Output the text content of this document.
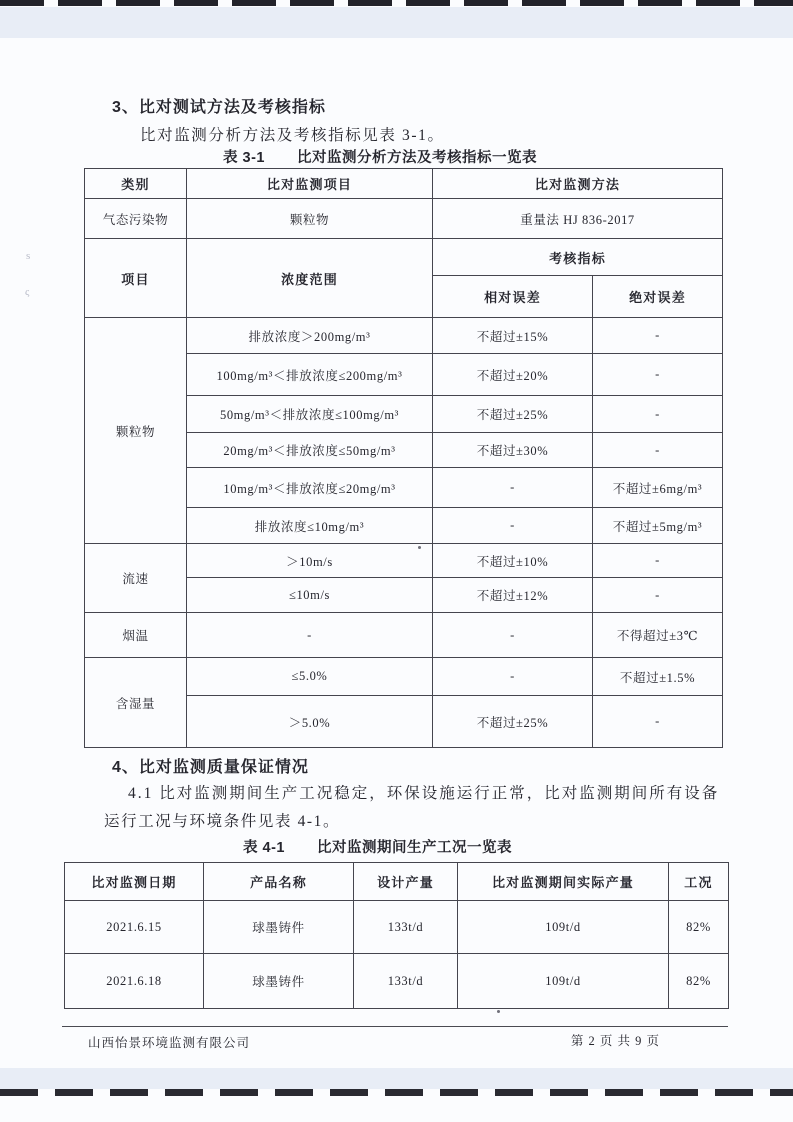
3、比对测试方法及考核指标
比对监测分析方法及考核指标见表 3-1。
表 3-1 比对监测分析方法及考核指标一览表
类别	比对监测项目	比对监测方法	
气态污染物	颗粒物	重量法 HJ 836-2017	
项目	浓度范围	考核指标	
		相对误差	绝对误差
颗粒物	排放浓度＞200mg/m³	不超过±15%	-
	100mg/m³＜排放浓度≤200mg/m³	不超过±20%	-
	50mg/m³＜排放浓度≤100mg/m³	不超过±25%	-
	20mg/m³＜排放浓度≤50mg/m³	不超过±30%	-
	10mg/m³＜排放浓度≤20mg/m³	-	不超过±6mg/m³
	排放浓度≤10mg/m³	-	不超过±5mg/m³
流速	＞10m/s	不超过±10%	-
	≤10m/s	不超过±12%	-
烟温	-	-	不得超过±3℃
含湿量	≤5.0%	-	不超过±1.5%
	＞5.0%	不超过±25%	-
4、比对监测质量保证情况
4.1 比对监测期间生产工况稳定，环保设施运行正常，比对监测期间所有设备
运行工况与环境条件见表 4-1。
表 4-1 比对监测期间生产工况一览表
比对监测日期	产品名称	设计产量	比对监测期间实际产量	工况
2021.6.15	球墨铸件	133t/d	109t/d	82%
2021.6.18	球墨铸件	133t/d	109t/d	82%
山西怡景环境监测有限公司	第 2 页 共 9 页
s
ς
